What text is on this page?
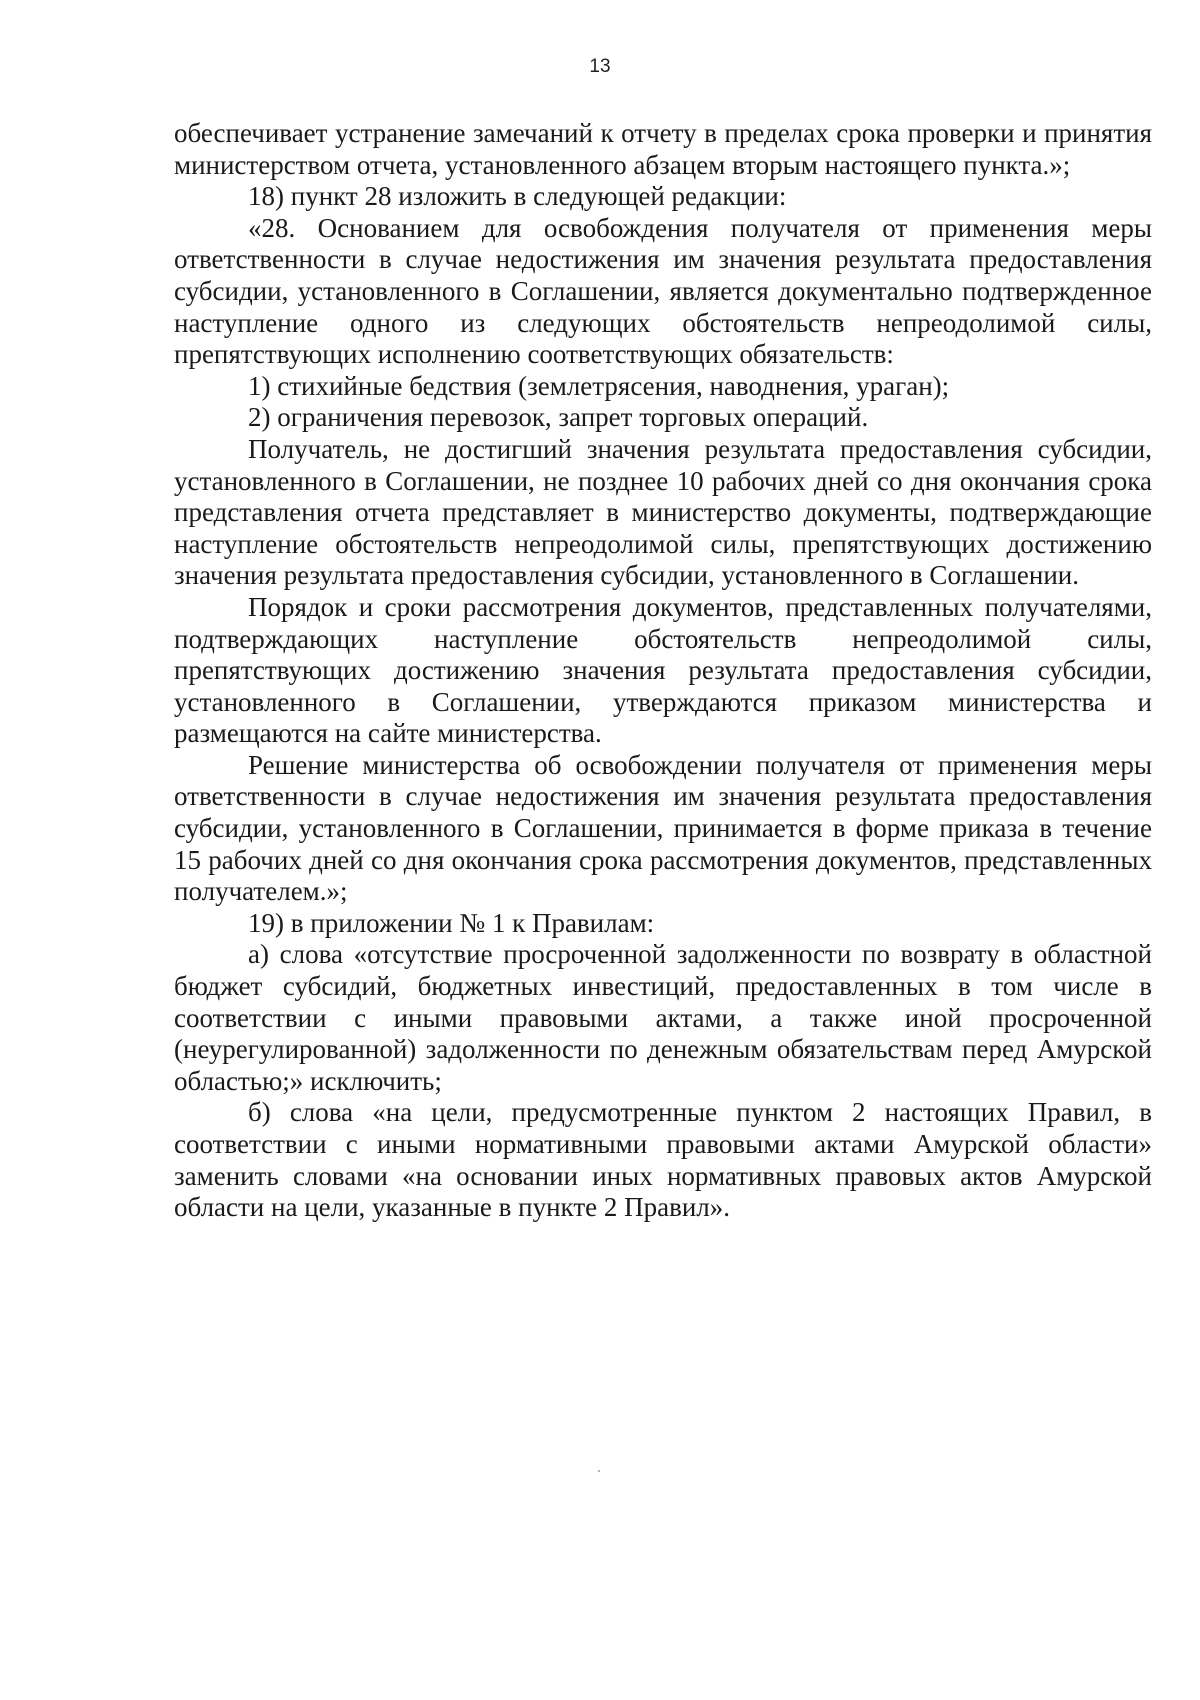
13

обеспечивает устранение замечаний к отчету в пределах срока проверки и принятия министерством отчета, установленного абзацем вторым настоящего пункта.»;

18) пункт 28 изложить в следующей редакции:

«28. Основанием для освобождения получателя от применения меры ответственности в случае недостижения им значения результата предоставления субсидии, установленного в Соглашении, является документально подтвержденное наступление одного из следующих обстоятельств непреодолимой силы, препятствующих исполнению соответствующих обязательств:

1) стихийные бедствия (землетрясения, наводнения, ураган);

2) ограничения перевозок, запрет торговых операций.

Получатель, не достигший значения результата предоставления субсидии, установленного в Соглашении, не позднее 10 рабочих дней со дня окончания срока представления отчета представляет в министерство документы, подтверждающие наступление обстоятельств непреодолимой силы, препятствующих достижению значения результата предоставления субсидии, установленного в Соглашении.

Порядок и сроки рассмотрения документов, представленных получателями, подтверждающих наступление обстоятельств непреодолимой силы, препятствующих достижению значения результата предоставления субсидии, установленного в Соглашении, утверждаются приказом министерства и размещаются на сайте министерства.

Решение министерства об освобождении получателя от применения меры ответственности в случае недостижения им значения результата предоставления субсидии, установленного в Соглашении, принимается в форме приказа в течение 15 рабочих дней со дня окончания срока рассмотрения документов, представленных получателем.»;

19) в приложении № 1 к Правилам:

а) слова «отсутствие просроченной задолженности по возврату в областной бюджет субсидий, бюджетных инвестиций, предоставленных в том числе в соответствии с иными правовыми актами, а также иной просроченной (неурегулированной) задолженности по денежным обязательствам перед Амурской областью;» исключить;

б) слова «на цели, предусмотренные пунктом 2 настоящих Правил, в соответствии с иными нормативными правовыми актами Амурской области» заменить словами «на основании иных нормативных правовых актов Амурской области на цели, указанные в пункте 2 Правил».
